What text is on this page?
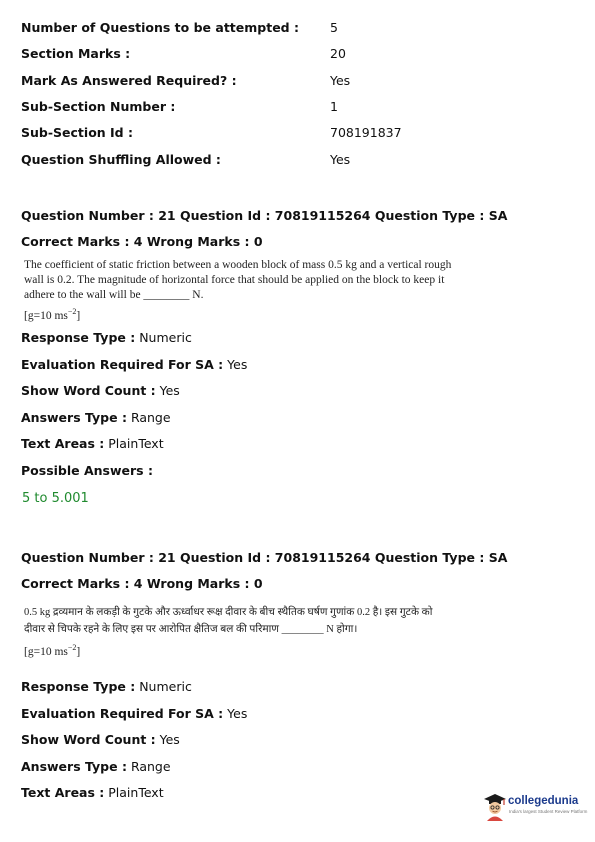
Number of Questions to be attempted : 5
Section Marks :	20
Mark As Answered Required? :	Yes
Sub-Section Number :	1
Sub-Section Id :	708191837
Question Shuffling Allowed :	Yes
Question Number : 21 Question Id : 70819115264 Question Type : SA
Correct Marks : 4 Wrong Marks : 0

The coefficient of static friction between a wooden block of mass 0.5 kg and a vertical rough

wall is 0.2. The magnitude of horizontal force that should be applied on the block to keep it

adhere to the wall will be ________ N.

[g=10 $ms^{-2}$]

Response Type : Numeric
Evaluation Required For SA : Yes
Show Word Count : Yes
Answers Type : Range
Text Areas : PlainText
Possible Answers :
5 to 5.001
Question Number : 21 Question Id : 70819115264 Question Type : SA
Correct Marks : 4 Wrong Marks : 0

0.5 kg द्रव्यमान के लकड़ी के गुटके और ऊर्ध्वाधर रूक्ष दीवार के बीच स्थैतिक घर्षण गुणांक 0.2 है। इस गुटके को

दीवार से चिपके रहने के लिए इस पर आरोपित क्षैतिज बल की परिमाण ________ N होगा।

[g=10 $ms^{-2}$]

Response Type : Numeric
Evaluation Required For SA : Yes
Show Word Count : Yes
Answers Type : Range
Text Areas : PlainText
collegedunia
India's largest Student Review Platform
